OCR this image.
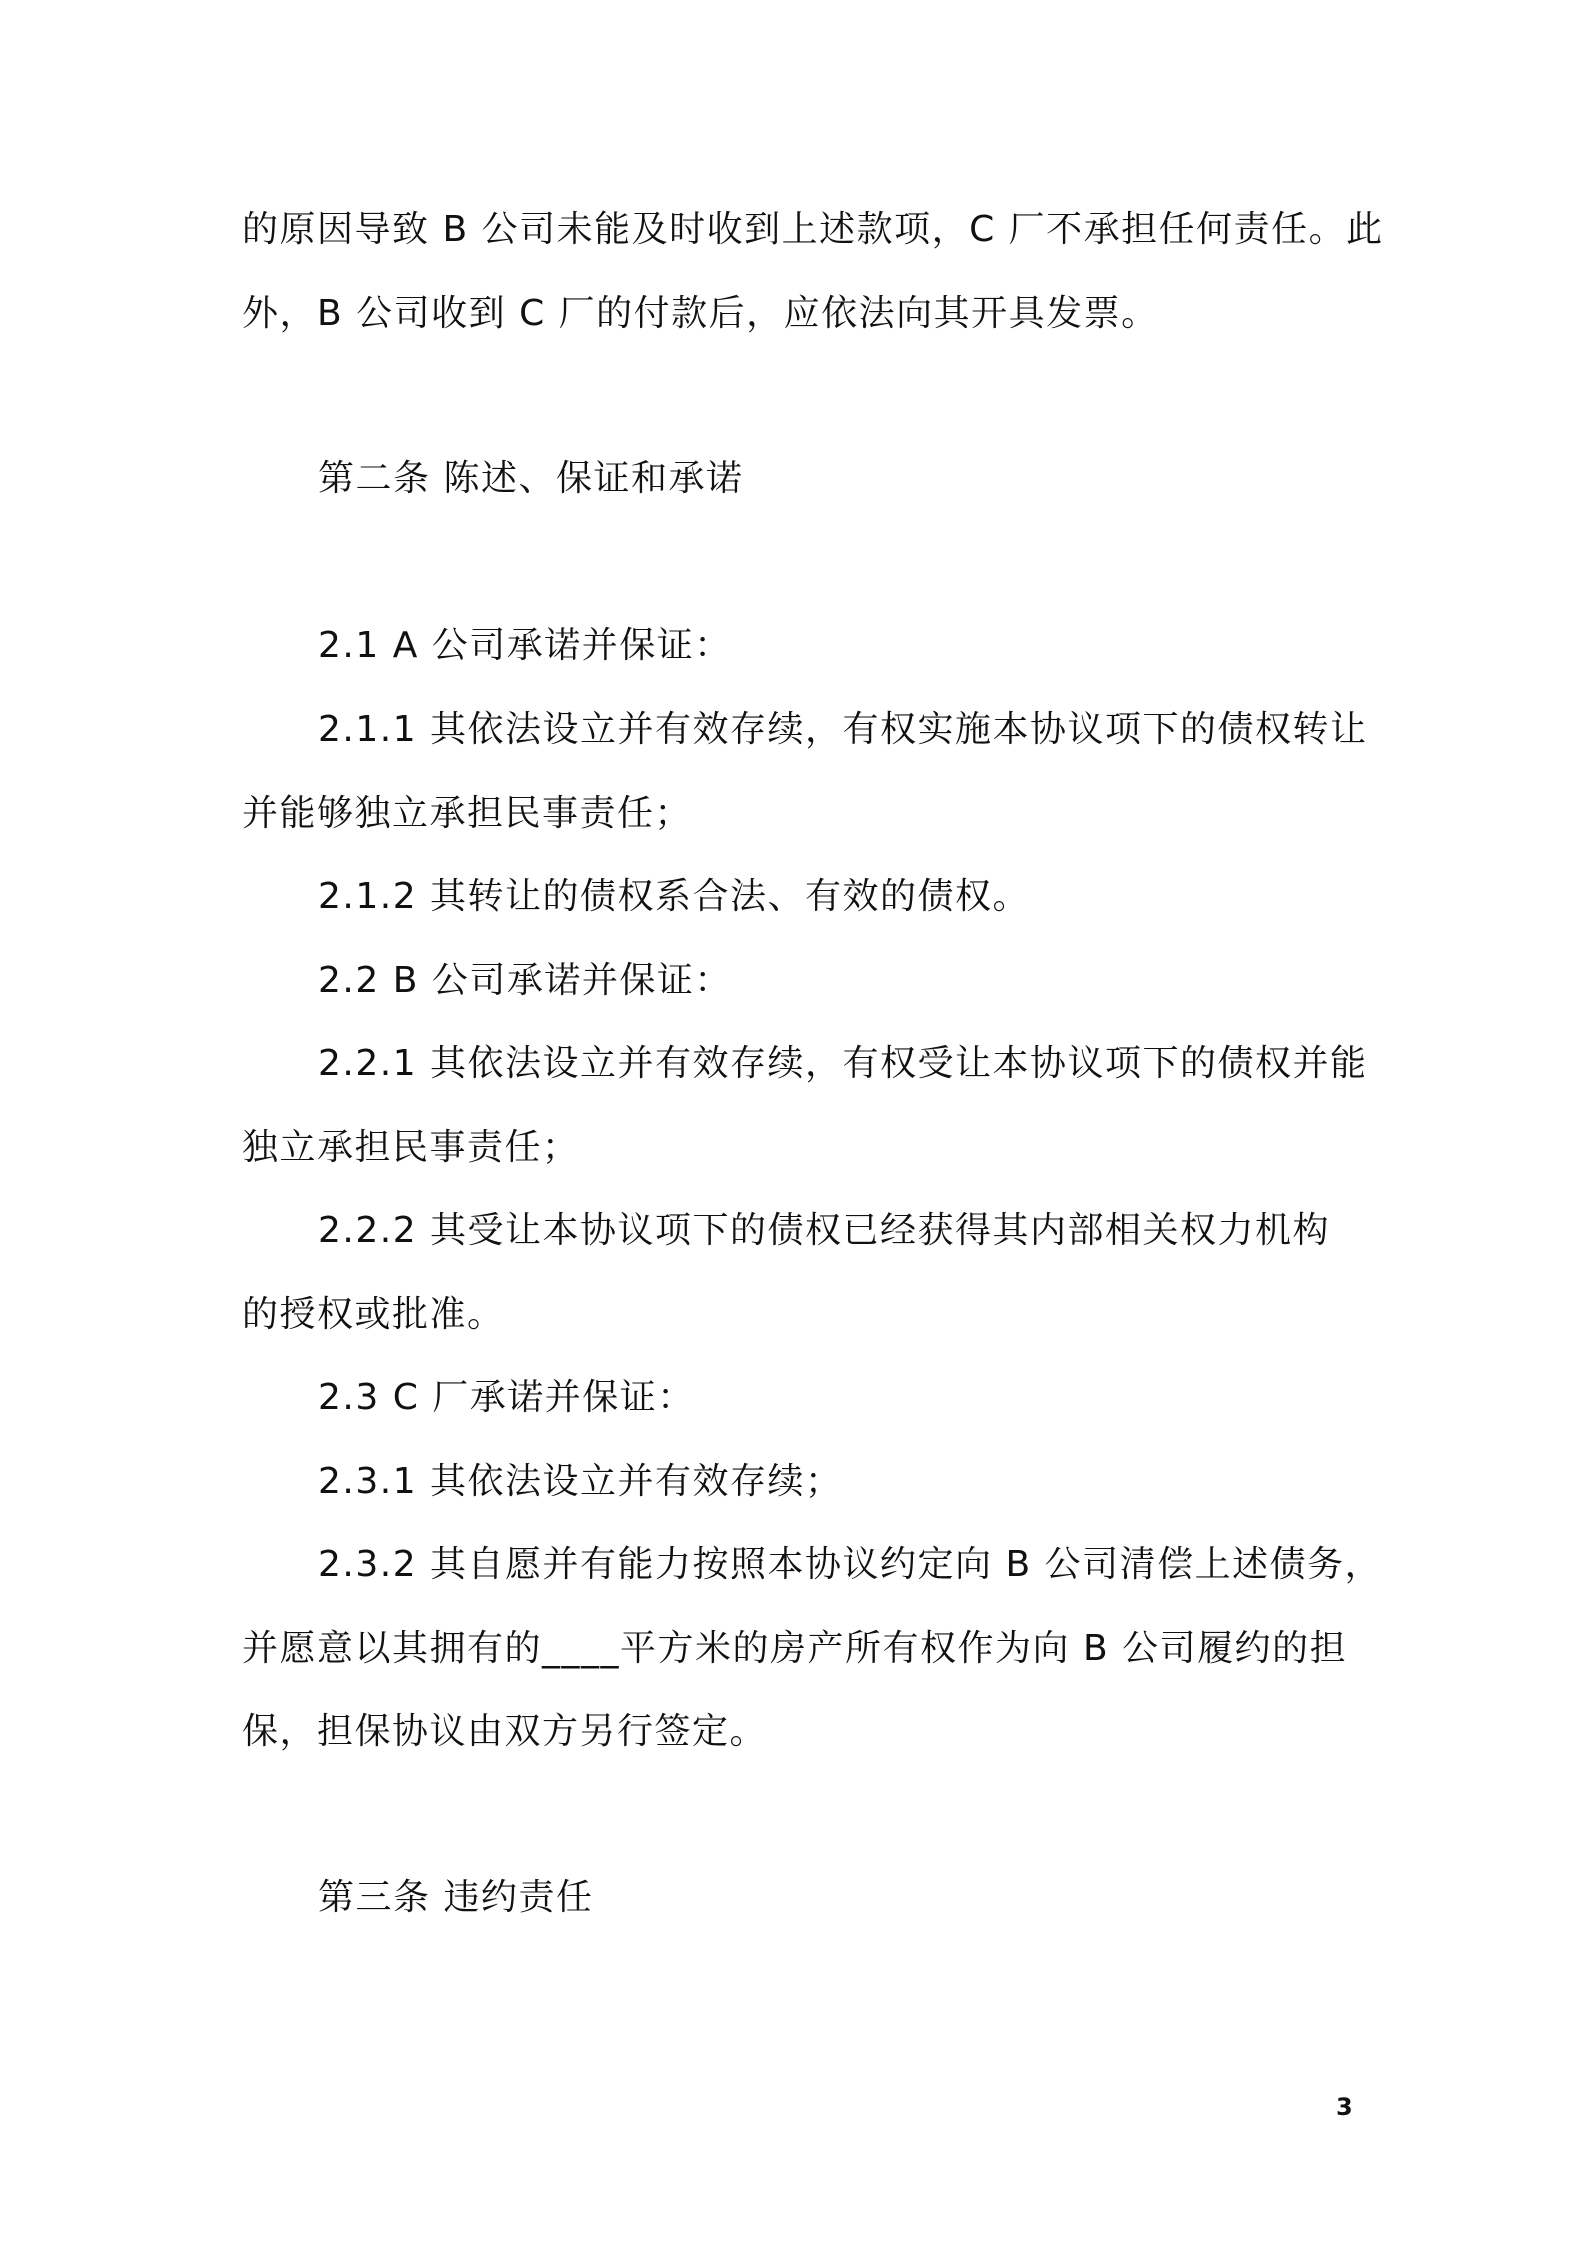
的原因导致 B 公司未能及时收到上述款项，C 厂不承担任何责任。此
外，B 公司收到 C 厂的付款后，应依法向其开具发票。
第二条 陈述、保证和承诺
2.1 A 公司承诺并保证：
2.1.1 其依法设立并有效存续，有权实施本协议项下的债权转让
并能够独立承担民事责任；
2.1.2 其转让的债权系合法、有效的债权。
2.2 B 公司承诺并保证：
2.2.1 其依法设立并有效存续，有权受让本协议项下的债权并能
独立承担民事责任；
2.2.2 其受让本协议项下的债权已经获得其内部相关权力机构
的授权或批准。
2.3 C 厂承诺并保证：
2.3.1 其依法设立并有效存续；
2.3.2 其自愿并有能力按照本协议约定向 B 公司清偿上述债务，
并愿意以其拥有的____平方米的房产所有权作为向 B 公司履约的担
保，担保协议由双方另行签定。
第三条 违约责任
3
